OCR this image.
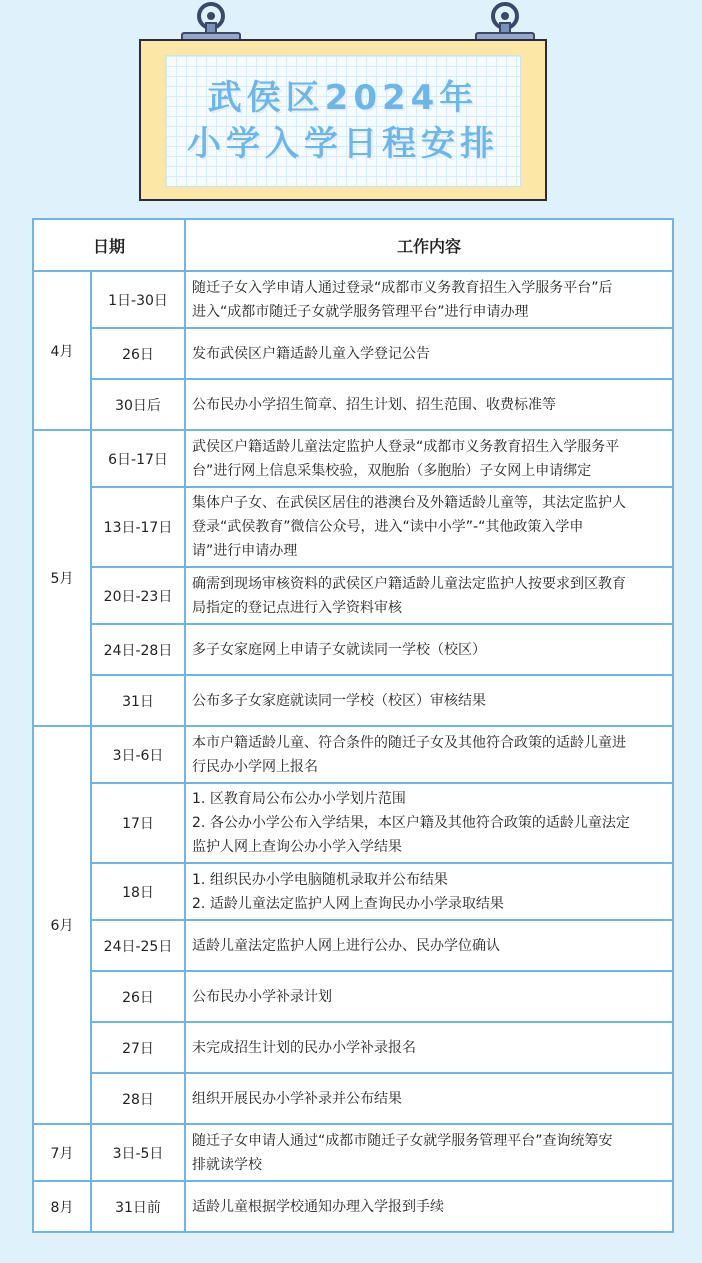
武侯区2024年
小学入学日程安排
日期		工作内容
4月	1日-30日	随迁子女入学申请人通过登录“成都市义务教育招生入学服务平台”后
进入“成都市随迁子女就学服务管理平台”进行申请办理

	26日	发布武侯区户籍适龄儿童入学登记公告

	30日后	公布民办小学招生简章、招生计划、招生范围、收费标准等

5月	6日-17日	武侯区户籍适龄儿童法定监护人登录“成都市义务教育招生入学服务平
台”进行网上信息采集校验，双胞胎（多胞胎）子女网上申请绑定

	13日-17日	集体户子女、在武侯区居住的港澳台及外籍适龄儿童等，其法定监护人
登录“武侯教育”微信公众号，进入“读中小学”-“其他政策入学申
请”进行申请办理

	20日-23日	确需到现场审核资料的武侯区户籍适龄儿童法定监护人按要求到区教育
局指定的登记点进行入学资料审核

	24日-28日	多子女家庭网上申请子女就读同一学校（校区）

	31日	公布多子女家庭就读同一学校（校区）审核结果

6月	3日-6日	本市户籍适龄儿童、符合条件的随迁子女及其他符合政策的适龄儿童进
行民办小学网上报名

	17日	1. 区教育局公布公办小学划片范围
2. 各公办小学公布入学结果，本区户籍及其他符合政策的适龄儿童法定
监护人网上查询公办小学入学结果

	18日	1. 组织民办小学电脑随机录取并公布结果
2. 适龄儿童法定监护人网上查询民办小学录取结果

	24日-25日	适龄儿童法定监护人网上进行公办、民办学位确认

	26日	公布民办小学补录计划

	27日	未完成招生计划的民办小学补录报名

	28日	组织开展民办小学补录并公布结果

7月	3日-5日	随迁子女申请人通过“成都市随迁子女就学服务管理平台”查询统筹安
排就读学校

8月	31日前	适龄儿童根据学校通知办理入学报到手续
